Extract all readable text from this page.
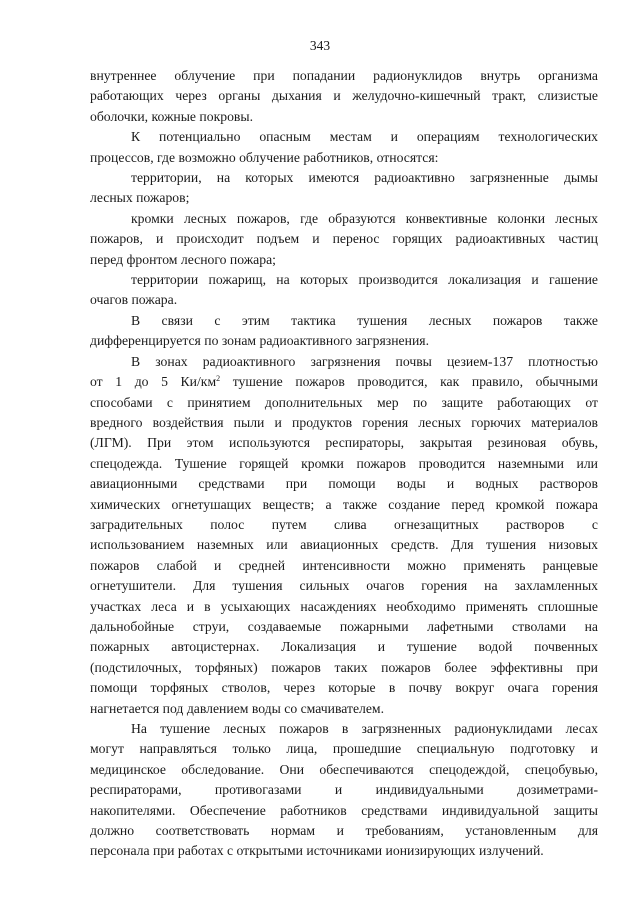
343

внутреннее облучение при попадании радионуклидов внутрь организма
работающих через органы дыхания и желудочно-кишечный тракт, слизистые
оболочки, кожные покровы.

К потенциально опасным местам и операциям технологических
процессов, где возможно облучение работников, относятся:

территории, на которых имеются радиоактивно загрязненные дымы
лесных пожаров;

кромки лесных пожаров, где образуются конвективные колонки лесных
пожаров, и происходит подъем и перенос горящих радиоактивных частиц
перед фронтом лесного пожара;

территории пожарищ, на которых производится локализация и гашение
очагов пожара.

В связи с этим тактика тушения лесных пожаров также
дифференцируется по зонам радиоактивного загрязнения.

В зонах радиоактивного загрязнения почвы цезием-137 плотностью
от 1 до 5 $Ки/км^2$ тушение пожаров проводится, как правило, обычными
способами с принятием дополнительных мер по защите работающих от
вредного воздействия пыли и продуктов горения лесных горючих материалов
(ЛГМ). При этом используются респираторы, закрытая резиновая обувь,
спецодежда. Тушение горящей кромки пожаров проводится наземными или
авиационными средствами при помощи воды и водных растворов
химических огнетушащих веществ; а также создание перед кромкой пожара
заградительных полос путем слива огнезащитных растворов с
использованием наземных или авиационных средств. Для тушения низовых
пожаров слабой и средней интенсивности можно применять ранцевые
огнетушители. Для тушения сильных очагов горения на захламленных
участках леса и в усыхающих насаждениях необходимо применять сплошные
дальнобойные струи, создаваемые пожарными лафетными стволами на
пожарных автоцистернах. Локализация и тушение водой почвенных
(подстилочных, торфяных) пожаров таких пожаров более эффективны при
помощи торфяных стволов, через которые в почву вокруг очага горения
нагнетается под давлением воды со смачивателем.

На тушение лесных пожаров в загрязненных радионуклидами лесах
могут направляться только лица, прошедшие специальную подготовку и
медицинское обследование. Они обеспечиваются спецодеждой, спецобувью,
респираторами, противогазами и индивидуальными дозиметрами-
накопителями. Обеспечение работников средствами индивидуальной защиты
должно соответствовать нормам и требованиям, установленным для
персонала при работах с открытыми источниками ионизирующих излучений.
